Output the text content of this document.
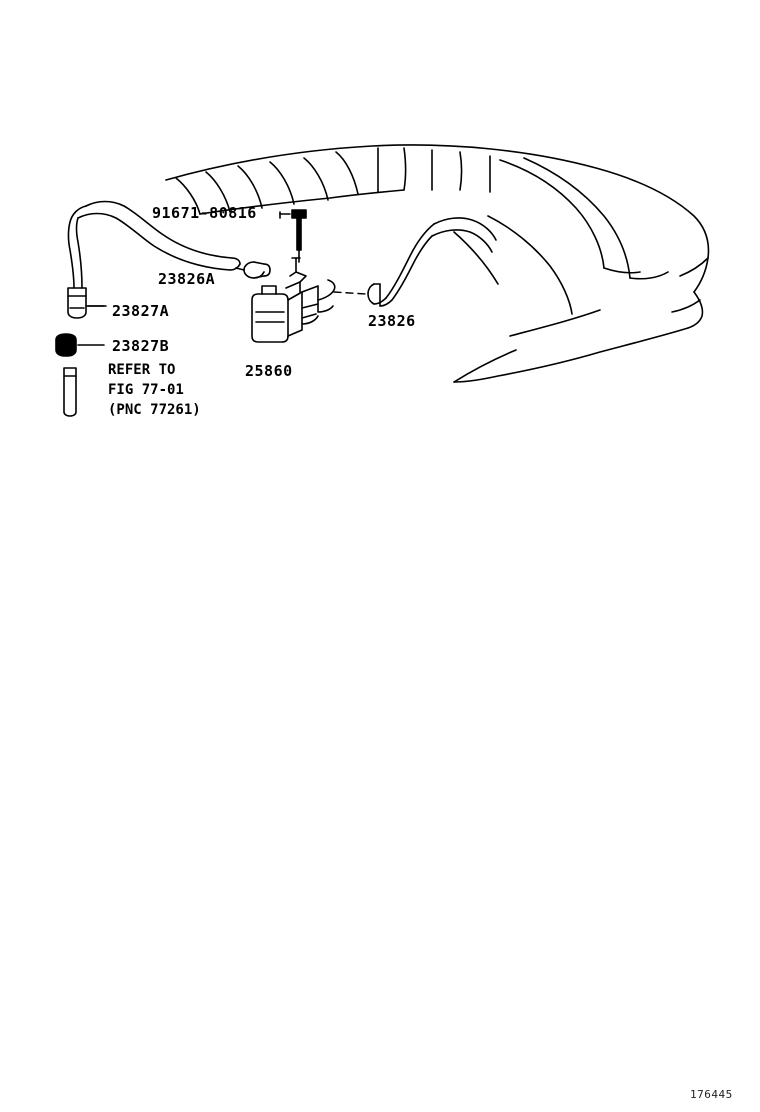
91671-80816
23826A
23827A
23827B
25860
23826
REFER TO
FIG 77-01
(PNC 77261)
176445
